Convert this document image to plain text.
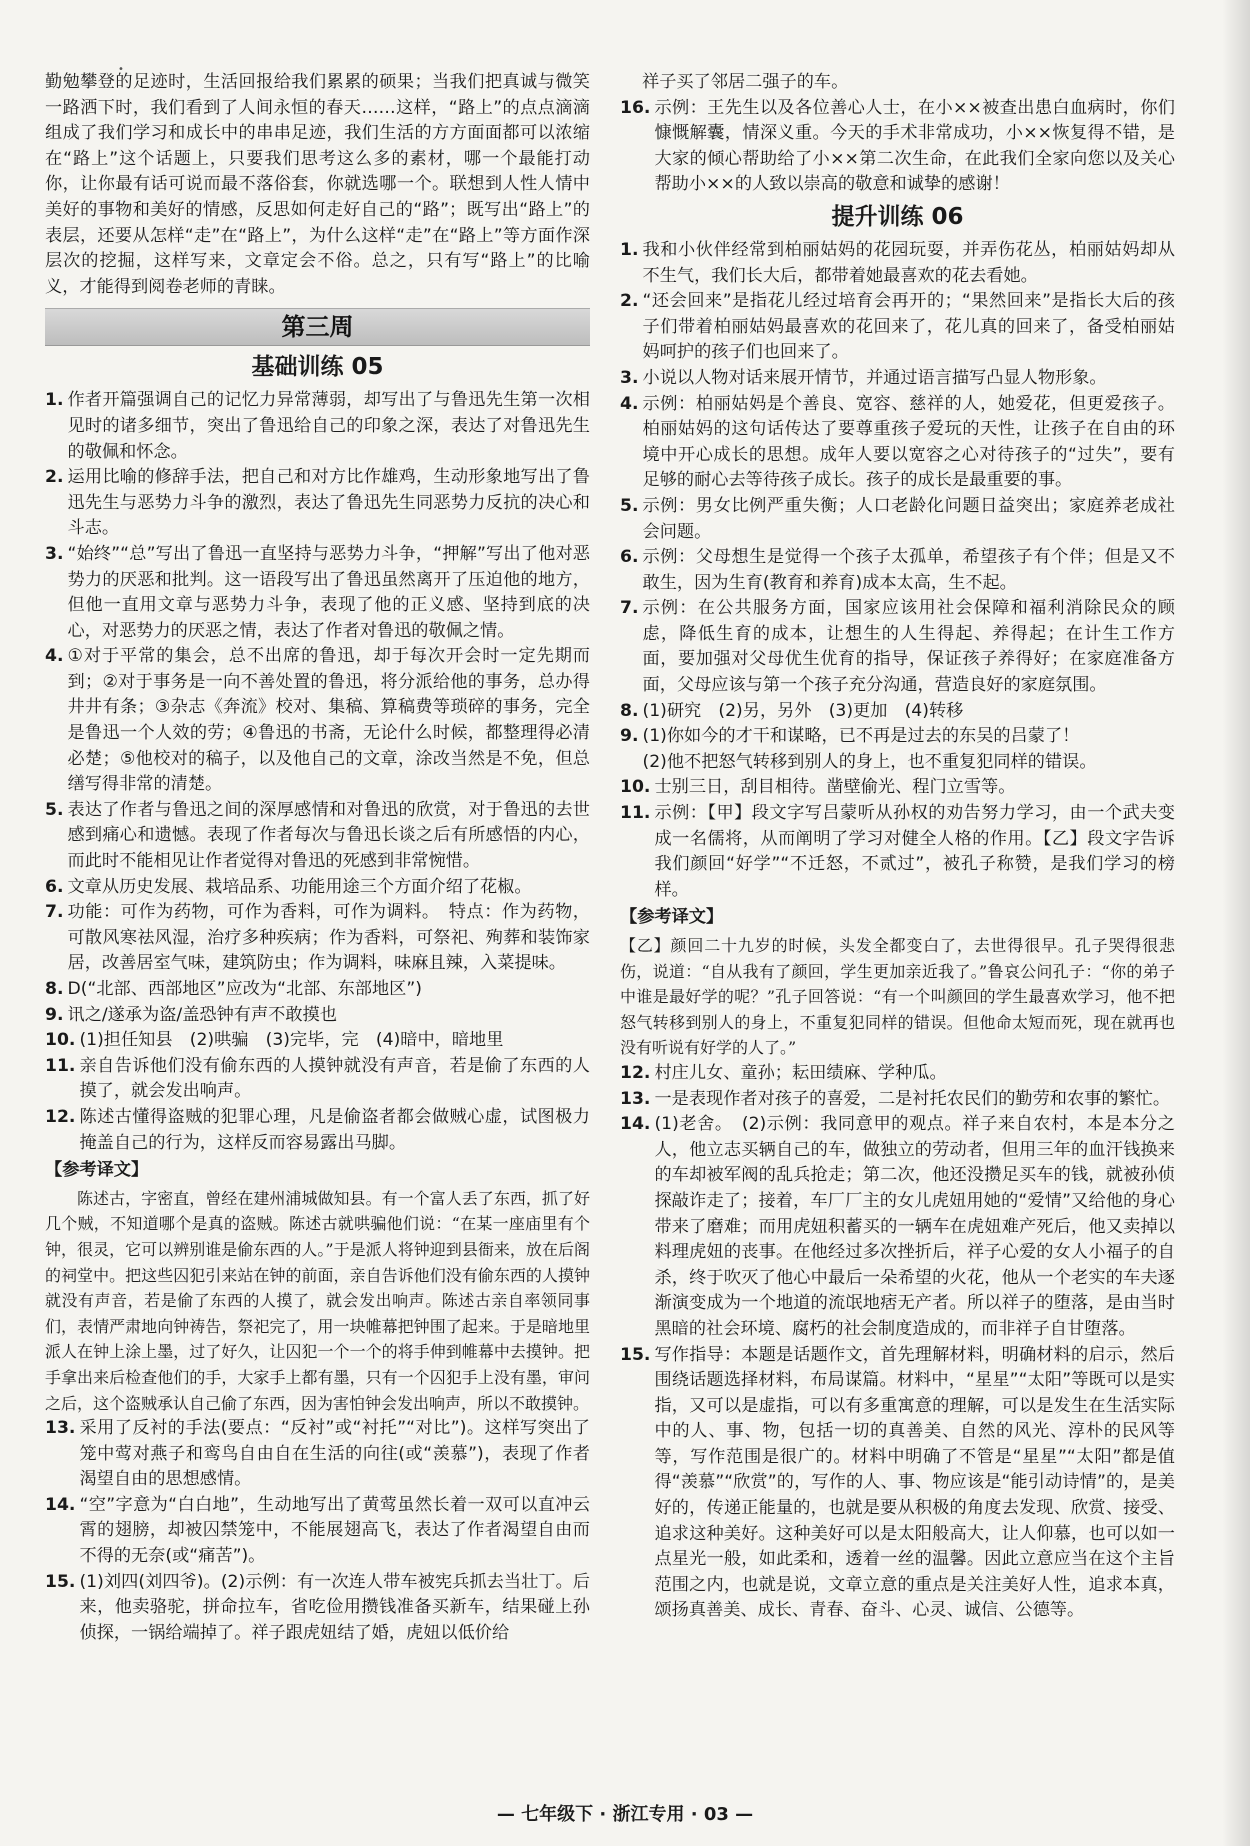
•

勤勉攀登的足迹时，生活回报给我们累累的硕果；当我们把真诚与微笑一路洒下时，我们看到了人间永恒的春天……这样，“路上”的点点滴滴组成了我们学习和成长中的串串足迹，我们生活的方方面面都可以浓缩在“路上”这个话题上，只要我们思考这么多的素材，哪一个最能打动你，让你最有话可说而最不落俗套，你就选哪一个。联想到人性人情中美好的事物和美好的情感，反思如何走好自己的“路”；既写出“路上”的表层，还要从怎样“走”在“路上”，为什么这样“走”在“路上”等方面作深层次的挖掘，这样写来，文章定会不俗。总之，只有写“路上”的比喻义，才能得到阅卷老师的青睐。

第三周
基础训练 05
1. 作者开篇强调自己的记忆力异常薄弱，却写出了与鲁迅先生第一次相见时的诸多细节，突出了鲁迅给自己的印象之深，表达了对鲁迅先生的敬佩和怀念。
2. 运用比喻的修辞手法，把自己和对方比作雄鸡，生动形象地写出了鲁迅先生与恶势力斗争的激烈，表达了鲁迅先生同恶势力反抗的决心和斗志。
3. “始终”“总”写出了鲁迅一直坚持与恶势力斗争，“押解”写出了他对恶势力的厌恶和批判。这一语段写出了鲁迅虽然离开了压迫他的地方，但他一直用文章与恶势力斗争，表现了他的正义感、坚持到底的决心，对恶势力的厌恶之情，表达了作者对鲁迅的敬佩之情。
4. ①对于平常的集会，总不出席的鲁迅，却于每次开会时一定先期而到；②对于事务是一向不善处置的鲁迅，将分派给他的事务，总办得井井有条；③杂志《奔流》校对、集稿、算稿费等琐碎的事务，完全是鲁迅一个人效的劳；④鲁迅的书斋，无论什么时候，都整理得必清必楚；⑤他校对的稿子，以及他自己的文章，涂改当然是不免，但总缮写得非常的清楚。
5. 表达了作者与鲁迅之间的深厚感情和对鲁迅的欣赏，对于鲁迅的去世感到痛心和遗憾。表现了作者每次与鲁迅长谈之后有所感悟的内心，而此时不能相见让作者觉得对鲁迅的死感到非常惋惜。
6. 文章从历史发展、栽培品系、功能用途三个方面介绍了花椒。
7. 功能：可作为药物，可作为香料，可作为调料。　特点：作为药物，可散风寒祛风湿，治疗多种疾病；作为香料，可祭祀、殉葬和装饰家居，改善居室气味，建筑防虫；作为调料，味麻且辣，入菜提味。
8. D(“北部、西部地区”应改为“北部、东部地区”)
9. 讯之/遂承为盗/盖恐钟有声不敢摸也
10. (1)担任知县　(2)哄骗　(3)完毕，完　(4)暗中，暗地里
11. 亲自告诉他们没有偷东西的人摸钟就没有声音，若是偷了东西的人摸了，就会发出响声。
12. 陈述古懂得盗贼的犯罪心理，凡是偷盗者都会做贼心虚，试图极力掩盖自己的行为，这样反而容易露出马脚。
【参考译文】

陈述古，字密直，曾经在建州浦城做知县。有一个富人丢了东西，抓了好几个贼，不知道哪个是真的盗贼。陈述古就哄骗他们说：“在某一座庙里有个钟，很灵，它可以辨别谁是偷东西的人。”于是派人将钟迎到县衙来，放在后阁的祠堂中。把这些囚犯引来站在钟的前面，亲自告诉他们没有偷东西的人摸钟就没有声音，若是偷了东西的人摸了，就会发出响声。陈述古亲自率领同事们，表情严肃地向钟祷告，祭祀完了，用一块帷幕把钟围了起来。于是暗地里派人在钟上涂上墨，过了好久，让囚犯一个一个的将手伸到帷幕中去摸钟。把手拿出来后检查他们的手，大家手上都有墨，只有一个囚犯手上没有墨，审问之后，这个盗贼承认自己偷了东西，因为害怕钟会发出响声，所以不敢摸钟。

13. 采用了反衬的手法(要点：“反衬”或“衬托”“对比”)。这样写突出了笼中莺对燕子和鸾鸟自由自在生活的向往(或“羡慕”)，表现了作者渴望自由的思想感情。
14. “空”字意为“白白地”，生动地写出了黄莺虽然长着一双可以直冲云霄的翅膀，却被囚禁笼中，不能展翅高飞，表达了作者渴望自由而不得的无奈(或“痛苦”)。
15. (1)刘四(刘四爷)。(2)示例：有一次连人带车被宪兵抓去当壮丁。后来，他卖骆驼，拼命拉车，省吃俭用攒钱准备买新车，结果碰上孙侦探，一锅给端掉了。祥子跟虎妞结了婚，虎妞以低价给

祥子买了邻居二强子的车。

16. 示例：王先生以及各位善心人士，在小××被查出患白血病时，你们慷慨解囊，情深义重。今天的手术非常成功，小××恢复得不错，是大家的倾心帮助给了小××第二次生命，在此我们全家向您以及关心帮助小××的人致以崇高的敬意和诚挚的感谢！
提升训练 06
1. 我和小伙伴经常到柏丽姑妈的花园玩耍，并弄伤花丛，柏丽姑妈却从不生气，我们长大后，都带着她最喜欢的花去看她。
2. “还会回来”是指花儿经过培育会再开的；“果然回来”是指长大后的孩子们带着柏丽姑妈最喜欢的花回来了，花儿真的回来了，备受柏丽姑妈呵护的孩子们也回来了。
3. 小说以人物对话来展开情节，并通过语言描写凸显人物形象。
4. 示例：柏丽姑妈是个善良、宽容、慈祥的人，她爱花，但更爱孩子。柏丽姑妈的这句话传达了要尊重孩子爱玩的天性，让孩子在自由的环境中开心成长的思想。成年人要以宽容之心对待孩子的“过失”，要有足够的耐心去等待孩子成长。孩子的成长是最重要的事。
5. 示例：男女比例严重失衡；人口老龄化问题日益突出；家庭养老成社会问题。
6. 示例：父母想生是觉得一个孩子太孤单，希望孩子有个伴；但是又不敢生，因为生育(教育和养育)成本太高，生不起。
7. 示例：在公共服务方面，国家应该用社会保障和福利消除民众的顾虑，降低生育的成本，让想生的人生得起、养得起；在计生工作方面，要加强对父母优生优育的指导，保证孩子养得好；在家庭准备方面，父母应该与第一个孩子充分沟通，营造良好的家庭氛围。
8. (1)研究　(2)另，另外　(3)更加　(4)转移
9. (1)你如今的才干和谋略，已不再是过去的东吴的吕蒙了！
(2)他不把怒气转移到别人的身上，也不重复犯同样的错误。
10. 士别三日，刮目相待。凿壁偷光、程门立雪等。
11. 示例：【甲】段文字写吕蒙听从孙权的劝告努力学习，由一个武夫变成一名儒将，从而阐明了学习对健全人格的作用。【乙】段文字告诉我们颜回“好学”“不迁怒，不贰过”，被孔子称赞，是我们学习的榜样。
【参考译文】

【乙】颜回二十九岁的时候，头发全都变白了，去世得很早。孔子哭得很悲伤，说道：“自从我有了颜回，学生更加亲近我了。”鲁哀公问孔子：“你的弟子中谁是最好学的呢？”孔子回答说：“有一个叫颜回的学生最喜欢学习，他不把怒气转移到别人的身上，不重复犯同样的错误。但他命太短而死，现在就再也没有听说有好学的人了。”

12. 村庄儿女、童孙；耘田绩麻、学种瓜。
13. 一是表现作者对孩子的喜爱，二是衬托农民们的勤劳和农事的繁忙。
14. (1)老舍。　(2)示例：我同意甲的观点。祥子来自农村，本是本分之人，他立志买辆自己的车，做独立的劳动者，但用三年的血汗钱换来的车却被军阀的乱兵抢走；第二次，他还没攒足买车的钱，就被孙侦探敲诈走了；接着，车厂厂主的女儿虎妞用她的“爱情”又给他的身心带来了磨难；而用虎妞积蓄买的一辆车在虎妞难产死后，他又卖掉以料理虎妞的丧事。在他经过多次挫折后，祥子心爱的女人小福子的自杀，终于吹灭了他心中最后一朵希望的火花，他从一个老实的车夫逐渐演变成为一个地道的流氓地痞无产者。所以祥子的堕落，是由当时黑暗的社会环境、腐朽的社会制度造成的，而非祥子自甘堕落。
15. 写作指导：本题是话题作文，首先理解材料，明确材料的启示，然后围绕话题选择材料，布局谋篇。材料中，“星星”“太阳”等既可以是实指，又可以是虚指，可以有多重寓意的理解，可以是发生在生活实际中的人、事、物，包括一切的真善美、自然的风光、淳朴的民风等等，写作范围是很广的。材料中明确了不管是“星星”“太阳”都是值得“羡慕”“欣赏”的，写作的人、事、物应该是“能引动诗情”的，是美好的，传递正能量的，也就是要从积极的角度去发现、欣赏、接受、追求这种美好。这种美好可以是太阳般高大，让人仰慕，也可以如一点星光一般，如此柔和，透着一丝的温馨。因此立意应当在这个主旨范围之内，也就是说，文章立意的重点是关注美好人性，追求本真，颂扬真善美、成长、青春、奋斗、心灵、诚信、公德等。
— 七年级下 · 浙江专用 · 03 —
